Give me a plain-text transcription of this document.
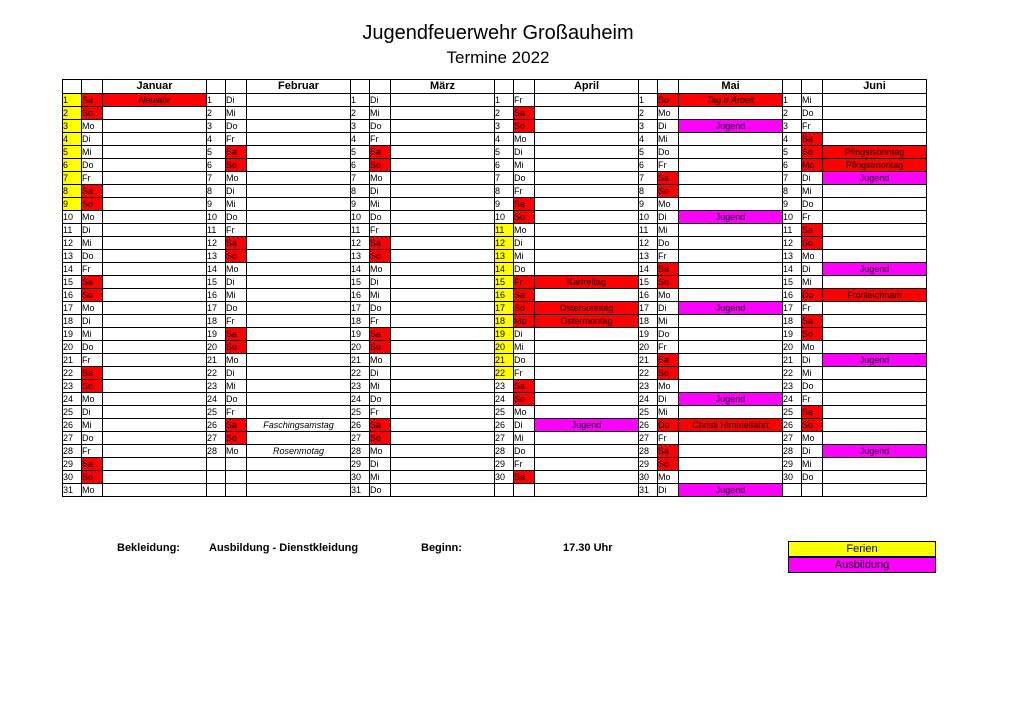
Jugendfeuerwehr Großauheim
Termine 2022
		Januar			Februar			März			April			Mai			Juni
1	Sa	Neujahr	1	Di		1	Di		1	Fr		1	So	Tag d Arbeit	1	Mi	
2	So		2	Mi		2	Mi		2	Sa		2	Mo		2	Do	
3	Mo		3	Do		3	Do		3	So		3	Di	Jugend	3	Fr	
4	Di		4	Fr		4	Fr		4	Mo		4	Mi		4	Sa	
5	Mi		5	Sa		5	Sa		5	Di		5	Do		5	So	Pfingstsonntag
6	Do		6	So		6	So		6	Mi		6	Fr		6	Mo	Pfingstmontag
7	Fr		7	Mo		7	Mo		7	Do		7	Sa		7	Di	Jugend
8	Sa		8	Di		8	Di		8	Fr		8	So		8	Mi	
9	So		9	Mi		9	Mi		9	Sa		9	Mo		9	Do	
10	Mo		10	Do		10	Do		10	So		10	Di	Jugend	10	Fr	
11	Di		11	Fr		11	Fr		11	Mo		11	Mi		11	Sa	
12	Mi		12	Sa		12	Sa		12	Di		12	Do		12	So	
13	Do		13	So		13	So		13	Mi		13	Fr		13	Mo	
14	Fr		14	Mo		14	Mo		14	Do		14	Sa		14	Di	Jugend
15	Sa		15	Di		15	Di		15	Fr	Karfreitag	15	So		15	Mi	
16	So		16	Mi		16	Mi		16	Sa		16	Mo		16	Do	Fronleichnam
17	Mo		17	Do		17	Do		17	So	Ostersonntag	17	Di	Jugend	17	Fr	
18	Di		18	Fr		18	Fr		18	Mo	Ostermontag	18	Mi		18	Sa	
19	Mi		19	Sa		19	Sa		19	Di		19	Do		19	So	
20	Do		20	So		20	So		20	Mi		20	Fr		20	Mo	
21	Fr		21	Mo		21	Mo		21	Do		21	Sa		21	Di	Jugend
22	Sa		22	Di		22	Di		22	Fr		22	So		22	Mi	
23	So		23	Mi		23	Mi		23	Sa		23	Mo		23	Do	
24	Mo		24	Do		24	Do		24	So		24	Di	Jugend	24	Fr	
25	Di		25	Fr		25	Fr		25	Mo		25	Mi		25	Sa	
26	Mi		26	Sa	Faschingsamstag	26	Sa		26	Di	Jugend	26	Do	Christi Himmelfahrt	26	So	
27	Do		27	So		27	So		27	Mi		27	Fr		27	Mo	
28	Fr		28	Mo	Rosenmotag	28	Mo		28	Do		28	Sa		28	Di	Jugend
29	Sa					29	Di		29	Fr		29	So		29	Mi	
30	So					30	Mi		30	Sa		30	Mo		30	Do	
31	Mo					31	Do					31	Di	Jugend			
Bekleidung:	Ausbildung - Dienstkleidung	Beginn:	17.30 Uhr	Ferien
Ausbildung
